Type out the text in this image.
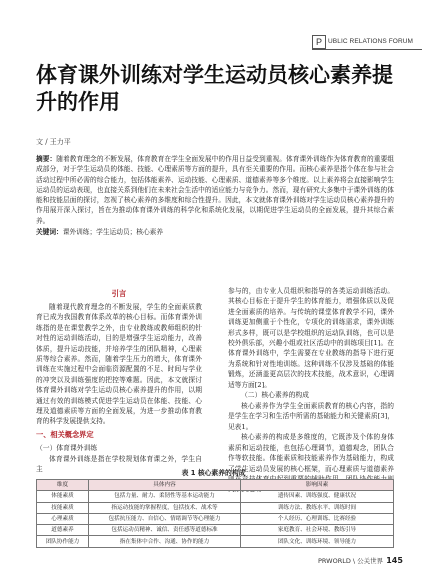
P UBLIC RELATIONS FORUM
体育课外训练对学生运动员核心素养提升的作用
文 / 王力平
摘要：随着教育理念的不断发展，体育教育在学生全面发展中的作用日益受到重视。体育课外训练作为体育教育的重要组成部分，对于学生运动员的体能、技能、心理素质等方面的提升，具有至关重要的作用。而核心素养是指个体在参与社会活动过程中所必需的综合能力，包括体能素养、运动技能、心理素质、道德素养等多个维度。以上素养将会直接影响学生运动员的运动表现，也直接关系到他们在未来社会生活中的适应能力与竞争力。然而，现有研究大多集中于课外训练的体能和技能层面的探讨，忽视了核心素养的多维度和综合性提升。因此，本文就体育课外训练对学生运动员核心素养提升的作用展开深入探讨，旨在为推动体育课外训练的科学化和系统化发展，以期促进学生运动员的全面发展，提升其综合素养。
关键词：课外训练；学生运动员；核心素养
引言

随着现代教育理念的不断发展，学生的全面素质教育已成为我国教育体系改革的核心目标。而体育课外训练指的是在课堂教学之外，由专业教练或教师组织的针对性的运动训练活动，目的是增强学生运动能力，改善体质，提升运动技能，并培养学生的团队精神，心理素质等综合素养。然而，随着学生压力的增大，体育课外训练在实施过程中会面临资源配置的不足、时间与学业的冲突以及训练强度的把控等难题。因此，本文就探讨体育课外训练对学生运动员核心素养提升的作用，以期通过有效的训练模式促进学生运动员在体能、技能、心理及道德素质等方面的全面发展，为进一步推动体育教育的科学发展提供支持。

一、相关概念界定
（一）体育课外训练

体育课外训练是指在学校规划体育课之外，学生自主

参与的，由专业人员组织和指导的各类运动训练活动。其核心目标在于提升学生的体育能力，增强体质以及促进全面素质的培养。与传统的课堂体育教学不同，课外训练更加侧重于个性化，专项化的训练需求，课外训练形式多样，既可以是学校组织的运动队训练，也可以是校外俱乐部，兴趣小组或社区活动中的训练项目[1]。在体育课外训练中，学生需要在专业教练的指导下进行更为系统和针对性地训练。这种训练不仅涉及基础的体能锻炼，还涵盖更高层次的技术技能，战术意识，心理调适等方面[2]。

（二）核心素养的构成

核心素养作为学生全面素质教育的核心内容，指的是学生在学习和生活中所需的基础能力和关键素质[3]，见表1。

核心素养的构成是多维度的，它既涉及个体的身体素质和运动技能，也包括心理调节，道德观念，团队合作等软技能。体能素质和技能素养作为基础能力，构成了学生运动员发展的核心框架，而心理素质与道德素养

表 1 核心素养的构成
维度	具体内容	影响因素
体能素质	包括力量、耐力、柔韧性等基本运动能力	遗传因素、训练强度、健康状况
技能素质	指运动技能的掌握程度，包括技术、战术等	训练方法、教练水平、训练时间
心理素质	包括抗压能力、自信心、情绪调节等心理能力	个人经历、心理训练、比赛经验
道德素养	包括运动员精神、诚信、责任感等道德标准	家庭教育、社会环境、教练引导
团队协作能力	指在集体中合作、沟通、协作的能力	团队文化、训练环境、领导能力
PRWORLD \ 公关世界 145
